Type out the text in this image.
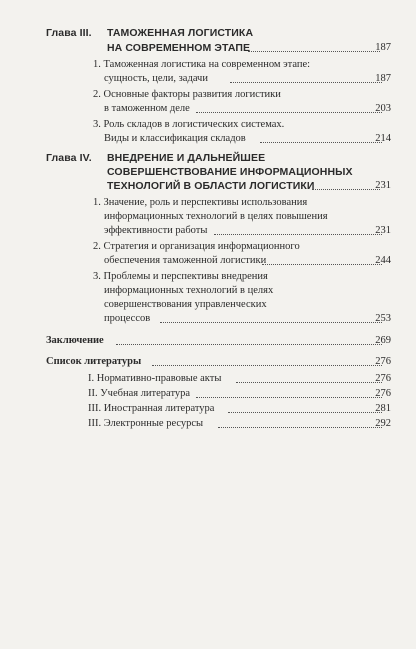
Глава III. ТАМОЖЕННАЯ ЛОГИСТИКА
НА СОВРЕМЕННОМ ЭТАПЕ	187
1. Таможенная логистика на современном этапе:
сущность, цели, задачи	187
2. Основные факторы развития логистики
в таможенном деле	203
3. Роль складов в логистических системах.
Виды и классификация складов	214
Глава IV. ВНЕДРЕНИЕ И ДАЛЬНЕЙШЕЕ
СОВЕРШЕНСТВОВАНИЕ ИНФОРМАЦИОННЫХ
ТЕХНОЛОГИЙ В ОБЛАСТИ ЛОГИСТИКИ	231
1. Значение, роль и перспективы использования
информационных технологий в целях повышения
эффективности работы	231
2. Стратегия и организация информационного
обеспечения таможенной логистики	244
3. Проблемы и перспективы внедрения
информационных технологий в целях
совершенствования управленческих
процессов	253
Заключение	269
Список литературы	276
I. Нормативно-правовые акты	276
II. Учебная литература	276
III. Иностранная литература	281
III. Электронные ресурсы	292
